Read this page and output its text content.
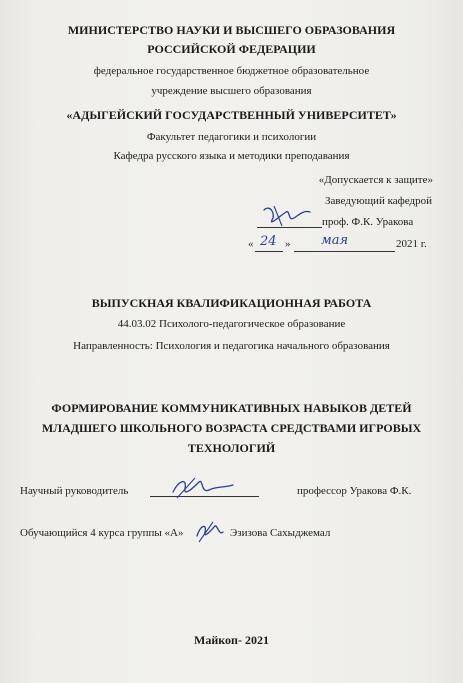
МИНИСТЕРСТВО НАУКИ И ВЫСШЕГО ОБРАЗОВАНИЯ
РОССИЙСКОЙ ФЕДЕРАЦИИ
федеральное государственное бюджетное образовательное
учреждение высшего образования
«АДЫГЕЙСКИЙ ГОСУДАРСТВЕННЫЙ УНИВЕРСИТЕТ»
Факультет педагогики и психологии
Кафедра русского языка и методики преподавания
«Допускается к защите»
Заведующий кафедрой
проф. Ф.К. Уракова
« 24 » мая	2021 г.
ВЫПУСКНАЯ КВАЛИФИКАЦИОННАЯ РАБОТА
44.03.02 Психолого-педагогическое образование
Направленность: Психология и педагогика начального образования
ФОРМИРОВАНИЕ КОММУНИКАТИВНЫХ НАВЫКОВ ДЕТЕЙ
МЛАДШЕГО ШКОЛЬНОГО ВОЗРАСТА СРЕДСТВАМИ ИГРОВЫХ
ТЕХНОЛОГИЙ
Научный руководитель	профессор Уракова Ф.К.
Обучающийся 4 курса группы «А»	Эзизова Сахыджемал
Майкоп- 2021
